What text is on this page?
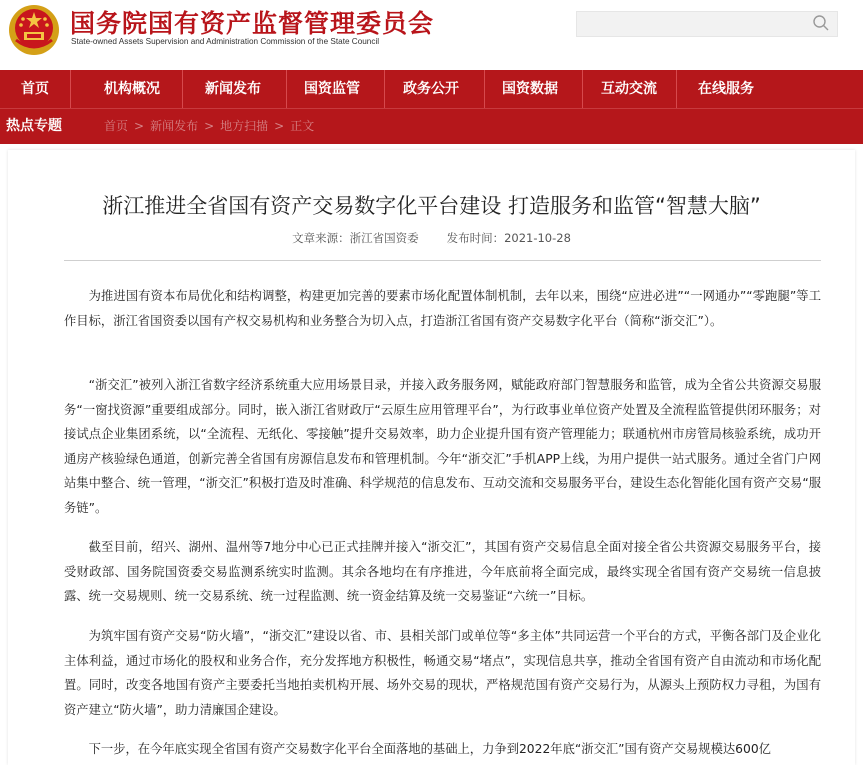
国务院国有资产监督管理委员会
State-owned Assets Supervision and Administration Commission of the State Council
首页	机构概况	新闻发布	国资监管	政务公开	国资数据	互动交流	在线服务
热点专题	首页 > 新闻发布 > 地方扫描 > 正文
浙江推进全省国有资产交易数字化平台建设 打造服务和监管“智慧大脑”
文章来源：浙江省国资委 发布时间：2021-10-28

为推进国有资本布局优化和结构调整，构建更加完善的要素市场化配置体制机制，去年以来，围绕“应进必进”“一网通办”“零跑腿”等工作目标，浙江省国资委以国有产权交易机构和业务整合为切入点，打造浙江省国有资产交易数字化平台（简称“浙交汇”）。

“浙交汇”被列入浙江省数字经济系统重大应用场景目录，并接入政务服务网，赋能政府部门智慧服务和监管，成为全省公共资源交易服务“一窗找资源”重要组成部分。同时，嵌入浙江省财政厅“云原生应用管理平台”，为行政事业单位资产处置及全流程监管提供闭环服务；对接试点企业集团系统，以“全流程、无纸化、零接触”提升交易效率，助力企业提升国有资产管理能力；联通杭州市房管局核验系统，成功开通房产核验绿色通道，创新完善全省国有房源信息发布和管理机制。今年“浙交汇”手机APP上线，为用户提供一站式服务。通过全省门户网站集中整合、统一管理，“浙交汇”积极打造及时准确、科学规范的信息发布、互动交流和交易服务平台，建设生态化智能化国有资产交易“服务链”。

截至目前，绍兴、湖州、温州等7地分中心已正式挂牌并接入“浙交汇”，其国有资产交易信息全面对接全省公共资源交易服务平台，接受财政部、国务院国资委交易监测系统实时监测。其余各地均在有序推进，今年底前将全面完成，最终实现全省国有资产交易统一信息披露、统一交易规则、统一交易系统、统一过程监测、统一资金结算及统一交易鉴证“六统一”目标。

为筑牢国有资产交易“防火墙”，“浙交汇”建设以省、市、县相关部门或单位等“多主体”共同运营一个平台的方式，平衡各部门及企业化主体利益，通过市场化的股权和业务合作，充分发挥地方积极性，畅通交易“堵点”，实现信息共享，推动全省国有资产自由流动和市场化配置。同时，改变各地国有资产主要委托当地拍卖机构开展、场外交易的现状，严格规范国有资产交易行为，从源头上预防权力寻租，为国有资产建立“防火墙”，助力清廉国企建设。

下一步，在今年底实现全省国有资产交易数字化平台全面落地的基础上，力争到2022年底“浙交汇”国有资产交易规模达600亿
